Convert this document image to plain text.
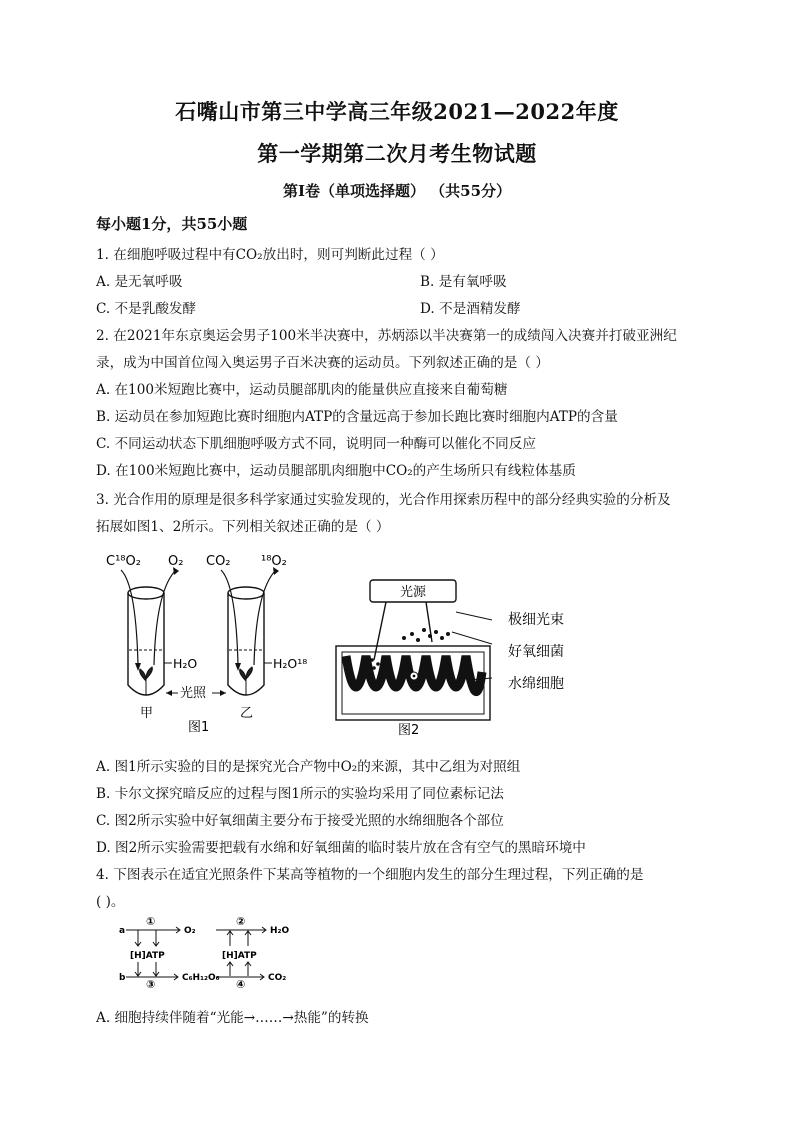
石嘴山市第三中学高三年级2021—2022年度
第一学期第二次月考生物试题
第Ⅰ卷（单项选择题） （共55分）
每小题1分，共55小题
1. 在细胞呼吸过程中有CO₂放出时，则可判断此过程（ ）
A. 是无氧呼吸	B. 是有氧呼吸
C. 不是乳酸发酵	D. 不是酒精发酵
2. 在2021年东京奥运会男子100米半决赛中，苏炳添以半决赛第一的成绩闯入决赛并打破亚洲纪
录，成为中国首位闯入奥运男子百米决赛的运动员。下列叙述正确的是（ ）
A. 在100米短跑比赛中，运动员腿部肌肉的能量供应直接来自葡萄糖
B. 运动员在参加短跑比赛时细胞内ATP的含量远高于参加长跑比赛时细胞内ATP的含量
C. 不同运动状态下肌细胞呼吸方式不同，说明同一种酶可以催化不同反应
D. 在100米短跑比赛中，运动员腿部肌肉细胞中CO₂的产生场所只有线粒体基质
3. 光合作用的原理是很多科学家通过实验发现的，光合作用探索历程中的部分经典实验的分析及
拓展如图1、2所示。下列相关叙述正确的是（ ）
C¹⁸O₂ O₂ CO₂ ¹⁸O₂
H₂O	H₂O¹⁸
光照
甲	乙
图1
光源
极细光束
好氧细菌
水绵细胞
图2
A. 图1所示实验的目的是探究光合产物中O₂的来源，其中乙组为对照组
B. 卡尔文探究暗反应的过程与图1所示的实验均采用了同位素标记法
C. 图2所示实验中好氧细菌主要分布于接受光照的水绵细胞各个部位
D. 图2所示实验需要把载有水绵和好氧细菌的临时装片放在含有空气的黑暗环境中
4. 下图表示在适宜光照条件下某高等植物的一个细胞内发生的部分生理过程，下列正确的是
( )。
a
b
①	②
③	④
O₂	H₂O
[H]ATP	[H]ATP
C₆H₁₂O₆	CO₂
A. 细胞持续伴随着“光能→……→热能”的转换
